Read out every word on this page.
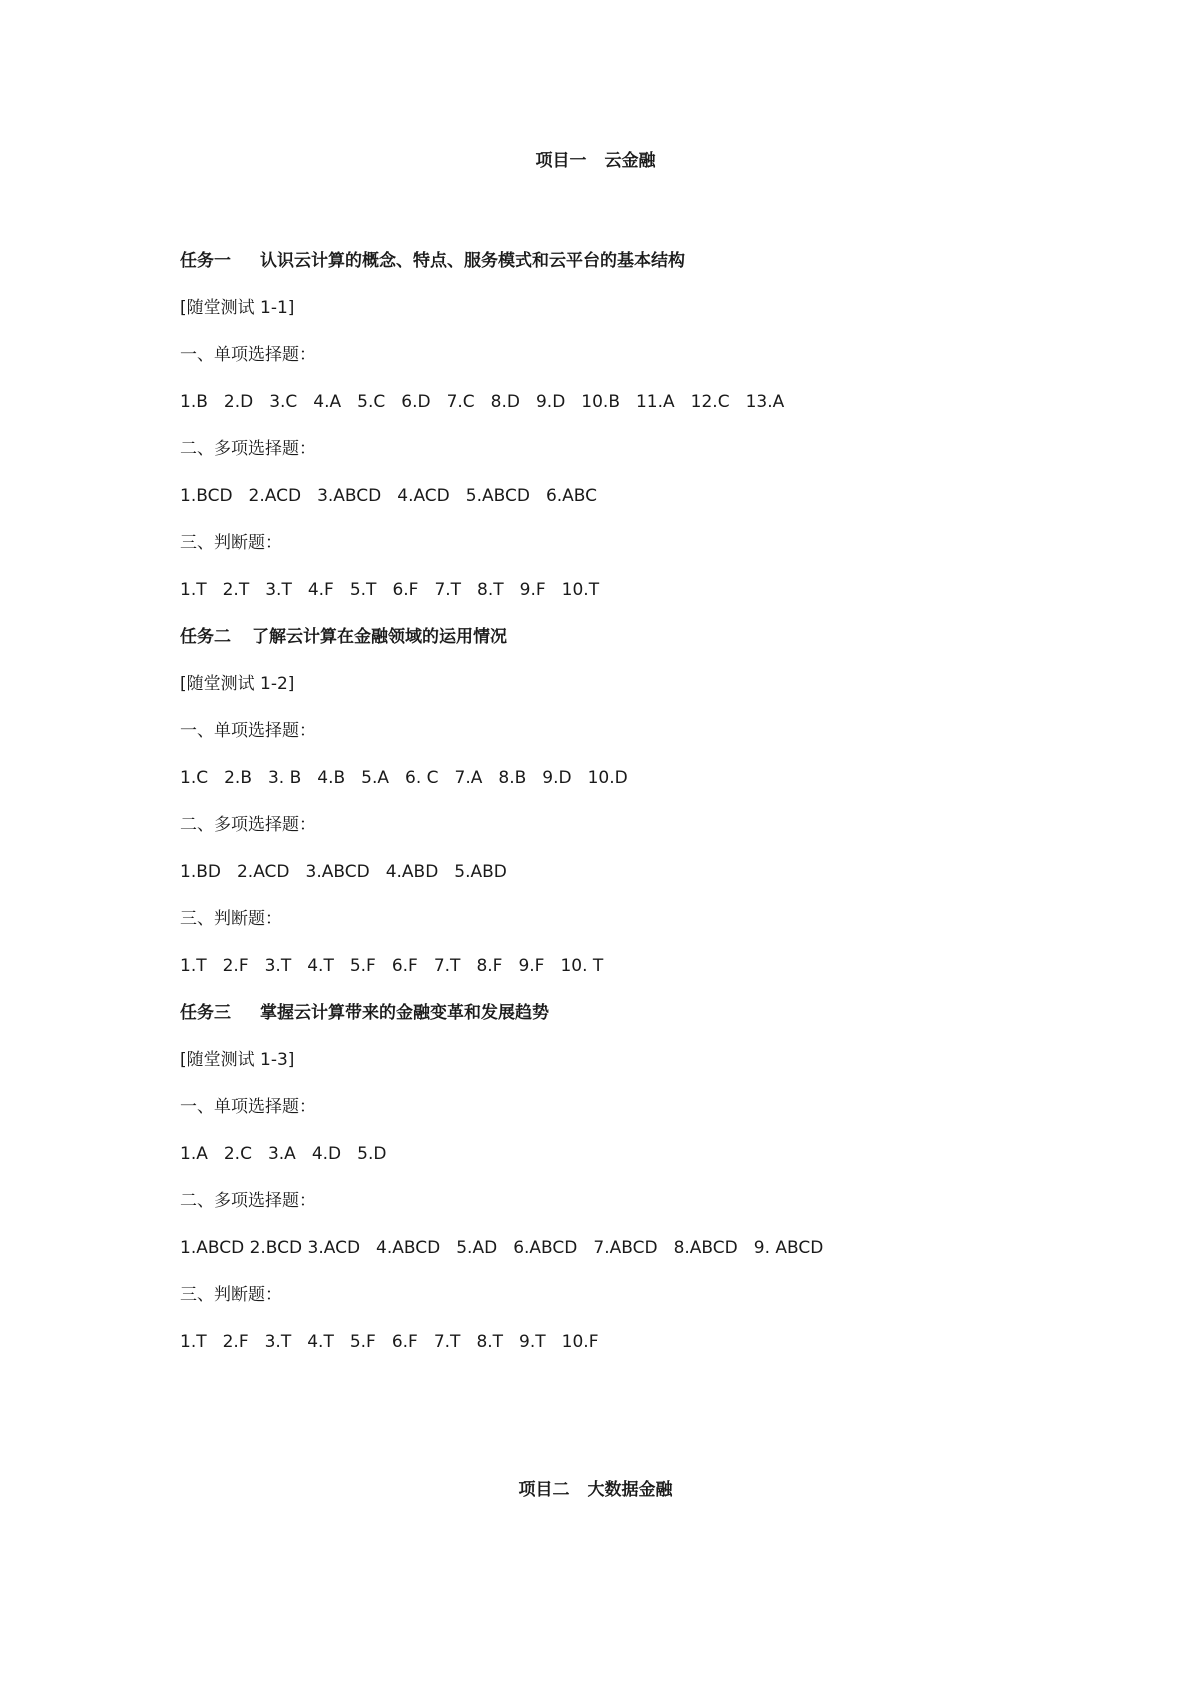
项目一 云金融
任务一 认识云计算的概念、特点、服务模式和云平台的基本结构
[随堂测试 1-1]
一、单项选择题：
1.B 2.D 3.C 4.A 5.C 6.D 7.C 8.D 9.D 10.B 11.A 12.C 13.A
二、多项选择题：
1.BCD 2.ACD 3.ABCD 4.ACD 5.ABCD 6.ABC
三、判断题：
1.T 2.T 3.T 4.F 5.T 6.F 7.T 8.T 9.F 10.T
任务二 了解云计算在金融领域的运用情况
[随堂测试 1-2]
一、单项选择题：
1.C 2.B 3. B 4.B 5.A 6. C 7.A 8.B 9.D 10.D
二、多项选择题：
1.BD 2.ACD 3.ABCD 4.ABD 5.ABD
三、判断题：
1.T 2.F 3.T 4.T 5.F 6.F 7.T 8.F 9.F 10. T
任务三 掌握云计算带来的金融变革和发展趋势
[随堂测试 1-3]
一、单项选择题：
1.A 2.C 3.A 4.D 5.D
二、多项选择题：
1.ABCD 2.BCD 3.ACD 4.ABCD 5.AD 6.ABCD 7.ABCD 8.ABCD 9. ABCD
三、判断题：
1.T 2.F 3.T 4.T 5.F 6.F 7.T 8.T 9.T 10.F
项目二 大数据金融
